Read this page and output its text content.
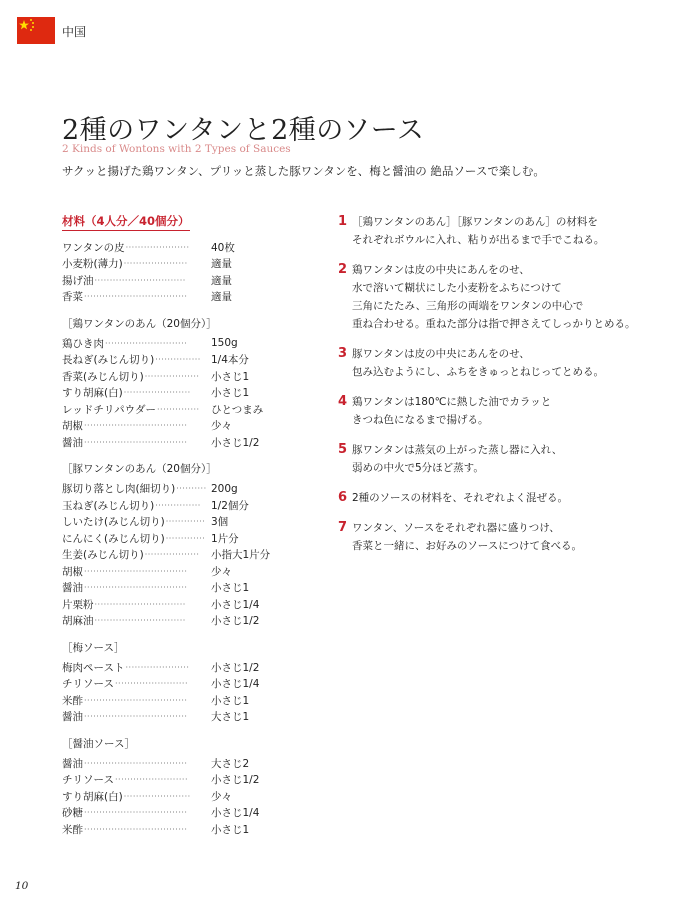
中国
2種のワンタンと2種のソース
2 Kinds of Wontons with 2 Types of Sauces
サクッと揚げた鶏ワンタン、プリッと蒸した豚ワンタンを、梅と醤油の 絶品ソースで楽しむ。
材料（4人分／40個分）
ワンタンの皮 ·····················	40枚
小麦粉(薄力) ·····················	適量
揚げ油 ······························	適量
香菜 ··································	適量
［鶏ワンタンのあん（20個分）］
鶏ひき肉 ···························	150g
長ねぎ(みじん切り) ··············· 1/4本分
香菜(みじん切り) ··················	小さじ1
すり胡麻(白) ······················	小さじ1
レッドチリパウダー ··············	ひとつまみ
胡椒 ··································	少々
醤油 ··································	小さじ1/2
［豚ワンタンのあん（20個分）］
豚切り落とし肉(細切り) ·········· 200g
玉ねぎ(みじん切り) ··············· 1/2個分
しいたけ(みじん切り) ············· 3個
にんにく(みじん切り) ············· 1片分
生姜(みじん切り) ··················	小指大1片分
胡椒 ··································	少々
醤油 ··································	小さじ1
片栗粉 ······························	小さじ1/4
胡麻油 ······························	小さじ1/2
［梅ソース］
梅肉ペースト ·····················	小さじ1/2
チリソース ························	小さじ1/4
米酢 ··································	小さじ1
醤油 ··································	大さじ1
［醤油ソース］
醤油 ··································	大さじ2
チリソース ························	小さじ1/2
すり胡麻(白) ······················	少々
砂糖 ··································	小さじ1/4
米酢 ··································	小さじ1
1 ［鶏ワンタンのあん］［豚ワンタンのあん］の材料を
それぞれボウルに入れ、粘りが出るまで手でこねる。
2 鶏ワンタンは皮の中央にあんをのせ、
水で溶いて糊状にした小麦粉をふちにつけて
三角にたたみ、三角形の両端をワンタンの中心で
重ね合わせる。重ねた部分は指で押さえてしっかりとめる。
3 豚ワンタンは皮の中央にあんをのせ、
包み込むようにし、ふちをきゅっとねじってとめる。
4 鶏ワンタンは180℃に熱した油でカラッと
きつね色になるまで揚げる。
5 豚ワンタンは蒸気の上がった蒸し器に入れ、
弱めの中火で5分ほど蒸す。
6 2種のソースの材料を、それぞれよく混ぜる。
7 ワンタン、ソースをそれぞれ器に盛りつけ、
香菜と一緒に、お好みのソースにつけて食べる。
10
